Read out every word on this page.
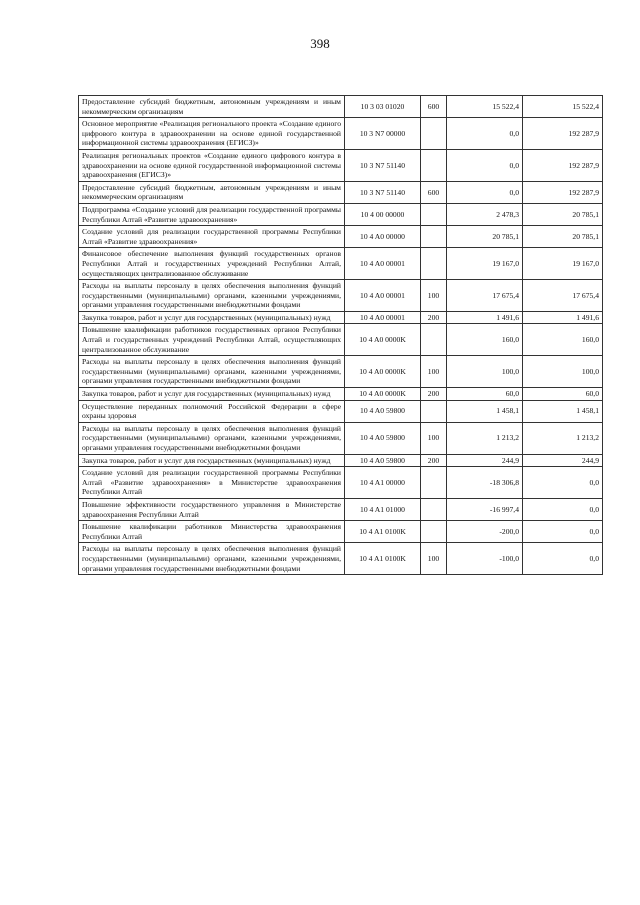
398
Предоставление субсидий бюджетным, автономным учреждениям и иным некоммерческим организациям	10 3 03 01020	600	15 522,4	15 522,4
Основное мероприятие «Реализация регионального проекта «Создание единого цифрового контура в здравоохранении на основе единой государственной информационной системы здравоохранения (ЕГИСЗ)»	10 3 N7 00000		0,0	192 287,9
Реализация региональных проектов «Создание единого цифрового контура в здравоохранении на основе единой государственной информационной системы здравоохранения (ЕГИСЗ)»	10 3 N7 51140		0,0	192 287,9
Предоставление субсидий бюджетным, автономным учреждениям и иным некоммерческим организациям	10 3 N7 51140	600	0,0	192 287,9
Подпрограмма «Создание условий для реализации государственной программы Республики Алтай «Развитие здравоохранения»	10 4 00 00000		2 478,3	20 785,1
Создание условий для реализации государственной программы Республики Алтай «Развитие здравоохранения»	10 4 A0 00000		20 785,1	20 785,1
Финансовое обеспечение выполнения функций государственных органов Республики Алтай и государственных учреждений Республики Алтай, осуществляющих централизованное обслуживание	10 4 A0 00001		19 167,0	19 167,0
Расходы на выплаты персоналу в целях обеспечения выполнения функций государственными (муниципальными) органами, казенными учреждениями, органами управления государственными внебюджетными фондами	10 4 A0 00001	100	17 675,4	17 675,4
Закупка товаров, работ и услуг для государственных (муниципальных) нужд	10 4 A0 00001	200	1 491,6	1 491,6
Повышение квалификации работников государственных органов Республики Алтай и государственных учреждений Республики Алтай, осуществляющих централизованное обслуживание	10 4 A0 0000K		160,0	160,0
Расходы на выплаты персоналу в целях обеспечения выполнения функций государственными (муниципальными) органами, казенными учреждениями, органами управления государственными внебюджетными фондами	10 4 A0 0000K	100	100,0	100,0
Закупка товаров, работ и услуг для государственных (муниципальных) нужд	10 4 A0 0000K	200	60,0	60,0
Осуществление переданных полномочий Российской Федерации в сфере охраны здоровья	10 4 A0 59800		1 458,1	1 458,1
Расходы на выплаты персоналу в целях обеспечения выполнения функций государственными (муниципальными) органами, казенными учреждениями, органами управления государственными внебюджетными фондами	10 4 A0 59800	100	1 213,2	1 213,2
Закупка товаров, работ и услуг для государственных (муниципальных) нужд	10 4 A0 59800	200	244,9	244,9
Создание условий для реализации государственной программы Республики Алтай «Развитие здравоохранения» в Министерстве здравоохранения Республики Алтай	10 4 A1 00000		-18 306,8	0,0
Повышение эффективности государственного управления в Министерстве здравоохранения Республики Алтай	10 4 A1 01000		-16 997,4	0,0
Повышение квалификации работников Министерства здравоохранения Республики Алтай	10 4 A1 0100K		-200,0	0,0
Расходы на выплаты персоналу в целях обеспечения выполнения функций государственными (муниципальными) органами, казенными учреждениями, органами управления государственными внебюджетными фондами	10 4 A1 0100K	100	-100,0	0,0
